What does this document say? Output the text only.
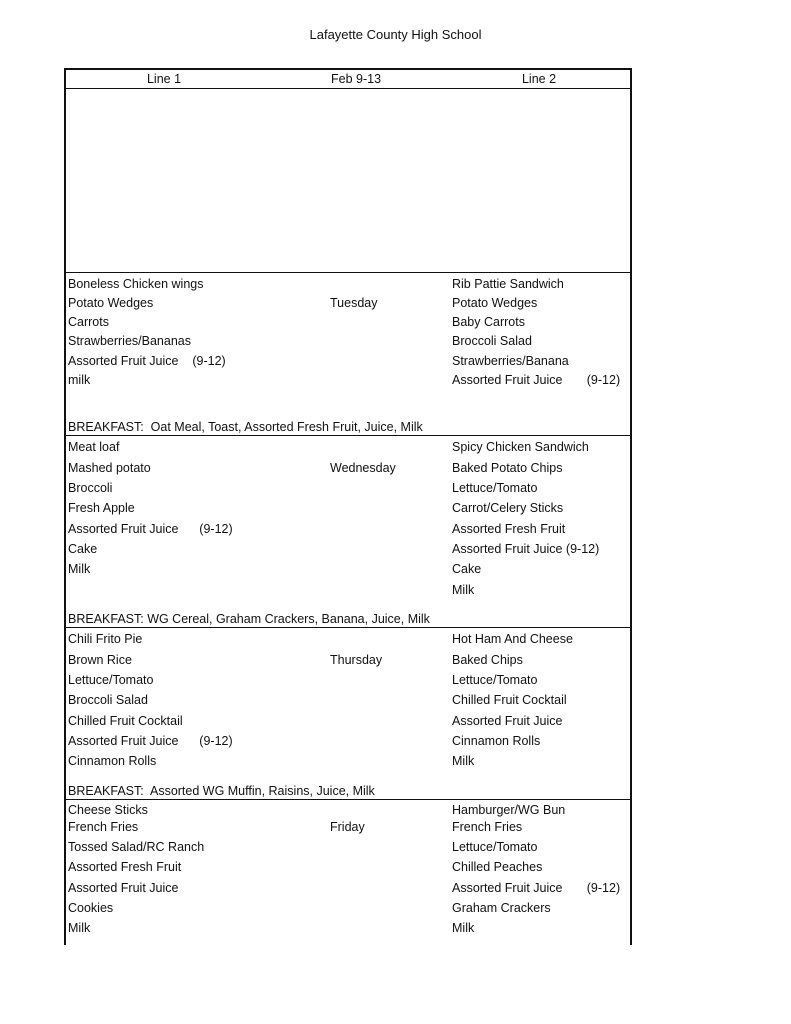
Lafayette County High School
Line 1	Feb 9-13	Line 2
Boneless Chicken wings
Potato Wedges
Carrots
Strawberries/Bananas
Assorted Fruit Juice    (9-12)
milk
Tuesday
Rib Pattie Sandwich
Potato Wedges
Baby Carrots
Broccoli Salad
Strawberries/Banana
Assorted Fruit Juice       (9-12)
BREAKFAST:  Oat Meal, Toast, Assorted Fresh Fruit, Juice, Milk
Meat loaf
Mashed potato
Broccoli
Fresh Apple
Assorted Fruit Juice      (9-12)
Cake
Milk
Wednesday
Spicy Chicken Sandwich
Baked Potato Chips
Lettuce/Tomato
Carrot/Celery Sticks
Assorted Fresh Fruit
Assorted Fruit Juice (9-12)
Cake
Milk
BREAKFAST: WG Cereal, Graham Crackers, Banana, Juice, Milk
Chili Frito Pie
Brown Rice
Lettuce/Tomato
Broccoli Salad
Chilled Fruit Cocktail
Assorted Fruit Juice      (9-12)
Cinnamon Rolls
Thursday
Hot Ham And Cheese
Baked Chips
Lettuce/Tomato
Chilled Fruit Cocktail
Assorted Fruit Juice
Cinnamon Rolls
Milk
BREAKFAST:  Assorted WG Muffin, Raisins, Juice, Milk
Cheese Sticks
French Fries
Tossed Salad/RC Ranch
Assorted Fresh Fruit
Assorted Fruit Juice
Cookies
Milk
Friday
Hamburger/WG Bun
French Fries
Lettuce/Tomato
Chilled Peaches
Assorted Fruit Juice       (9-12)
Graham Crackers
Milk
